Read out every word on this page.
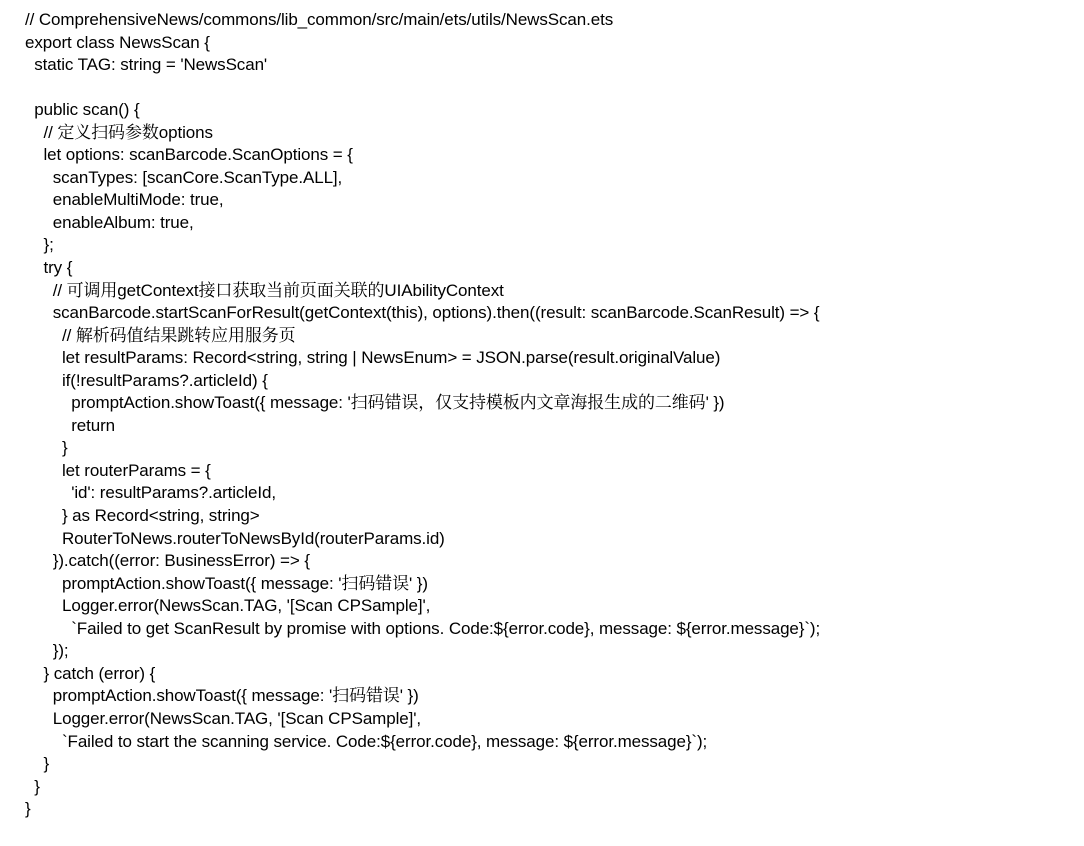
// ComprehensiveNews/commons/lib_common/src/main/ets/utils/NewsScan.ets
export class NewsScan {
static TAG: string = 'NewsScan'
public scan() {
// 定义扫码参数options
let options: scanBarcode.ScanOptions = {
scanTypes: [scanCore.ScanType.ALL],
enableMultiMode: true,
enableAlbum: true,
};
try {
// 可调用getContext接口获取当前页面关联的UIAbilityContext
scanBarcode.startScanForResult(getContext(this), options).then((result: scanBarcode.ScanResult) => {
// 解析码值结果跳转应用服务页
let resultParams: Record<string, string | NewsEnum> = JSON.parse(result.originalValue)
if(!resultParams?.articleId) {
promptAction.showToast({ message: '扫码错误，仅支持模板内文章海报生成的二维码' })
return
}
let routerParams = {
'id': resultParams?.articleId,
} as Record<string, string>
RouterToNews.routerToNewsById(routerParams.id)
}).catch((error: BusinessError) => {
promptAction.showToast({ message: '扫码错误' })
Logger.error(NewsScan.TAG, '[Scan CPSample]',
`Failed to get ScanResult by promise with options. Code:${error.code}, message: ${error.message}`);
});
} catch (error) {
promptAction.showToast({ message: '扫码错误' })
Logger.error(NewsScan.TAG, '[Scan CPSample]',
`Failed to start the scanning service. Code:${error.code}, message: ${error.message}`);
}
}
}
